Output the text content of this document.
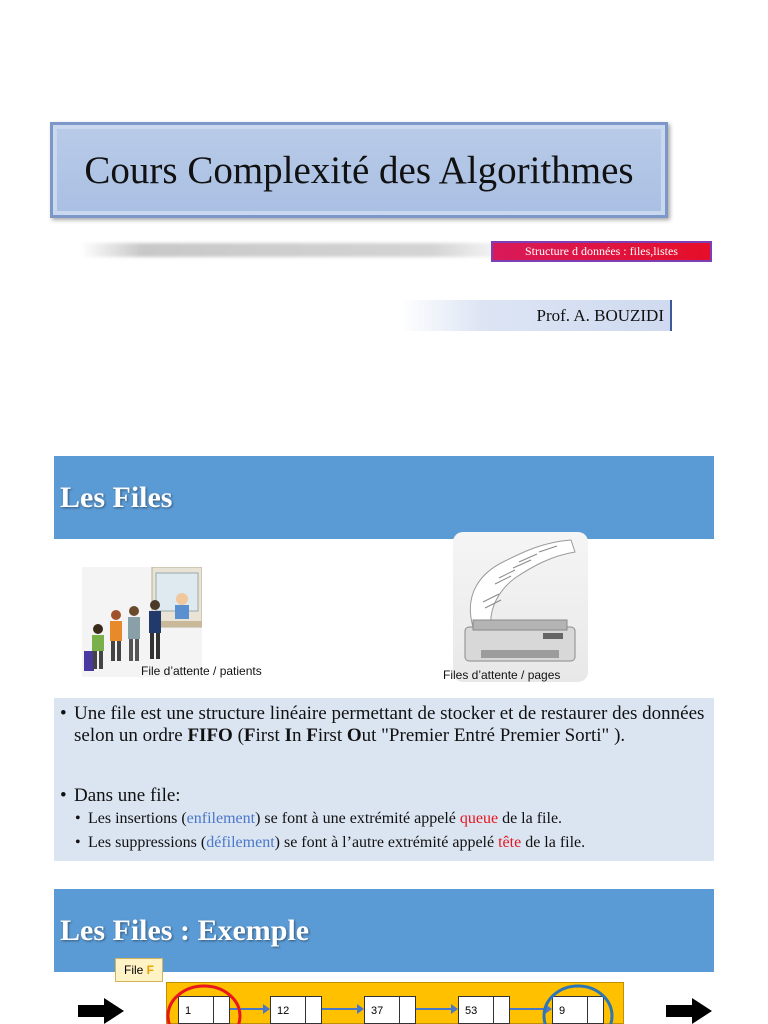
Cours Complexité des Algorithmes
Structure d données : files,listes
Prof. A. BOUZIDI
Les Files
File d’attente / patients	Files d’attente / pages
• Une file est une structure linéaire permettant de stocker et de restaurer des données selon un ordre FIFO (First In First Out "Premier Entré Premier Sorti" ).
• Dans une file:
• Les insertions (enfilement) se font à une extrémité appelé queue de la file.
• Les suppressions (défilement) se font à l’autre extrémité appelé tête de la file.
Les Files : Exemple
File F
1	12	37	53	9
